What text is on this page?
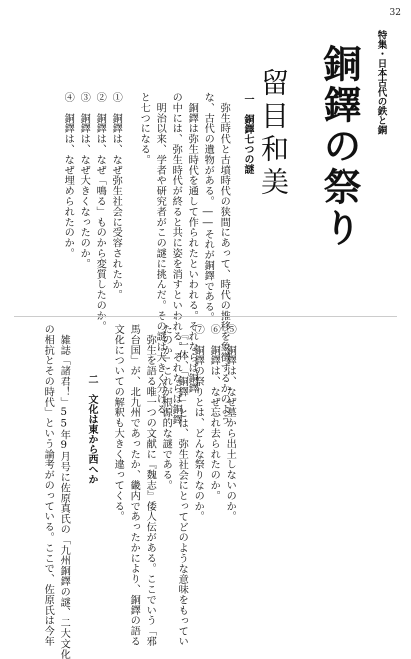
32
特集・日本古代の鉄と銅
銅鐸の祭り
留目和美
一　銅鐸七つの謎
　弥生時代と古墳時代の狭間にあって、時代の推移を象徴するかのよう
な、古代の遺物がある。――それが銅鐸である。
　銅鐸は弥生時代を通して作られたといわれる。それならば銅鐸
の中には、弥生時代が終ると共に姿を消すといわれる。それならば銅鐸
　明治以来、学者や研究者がこの謎に挑んだ。その謎は大きく分ける
と七つになる。
①　銅鐸は、なぜ弥生社会に受容されたか。
②　銅鐸は、なぜ「鳴る」ものから変質したのか。
③　銅鐸は、なぜ大きくなったのか。
④　銅鐸は、なぜ埋められたのか。
⑤　銅鐸は、なぜ墓から出土しないのか。
⑥　銅鐸は、なぜ忘れ去られたのか。
⑦　銅鐸の祭りとは、どんな祭りなのか。
　『一体、「銅鐸」とは、弥生社会にとってどのような意味をもってい
たのか』これが根源的な謎である。
　弥生を語る唯一つの文献に『魏志』倭人伝がある。ここでいう「邪
馬台国」が、北九州であったか、畿内であったかにより、銅鐸の語る
文化についての解釈も大きく違ってくる。
二　文化は東から西へか
　雑誌「諸君！」55年9月号に佐原真氏の「九州銅鐸の謎、二大文化
の相抗とその時代」という論考がのっている。ここで、佐原氏は今年
